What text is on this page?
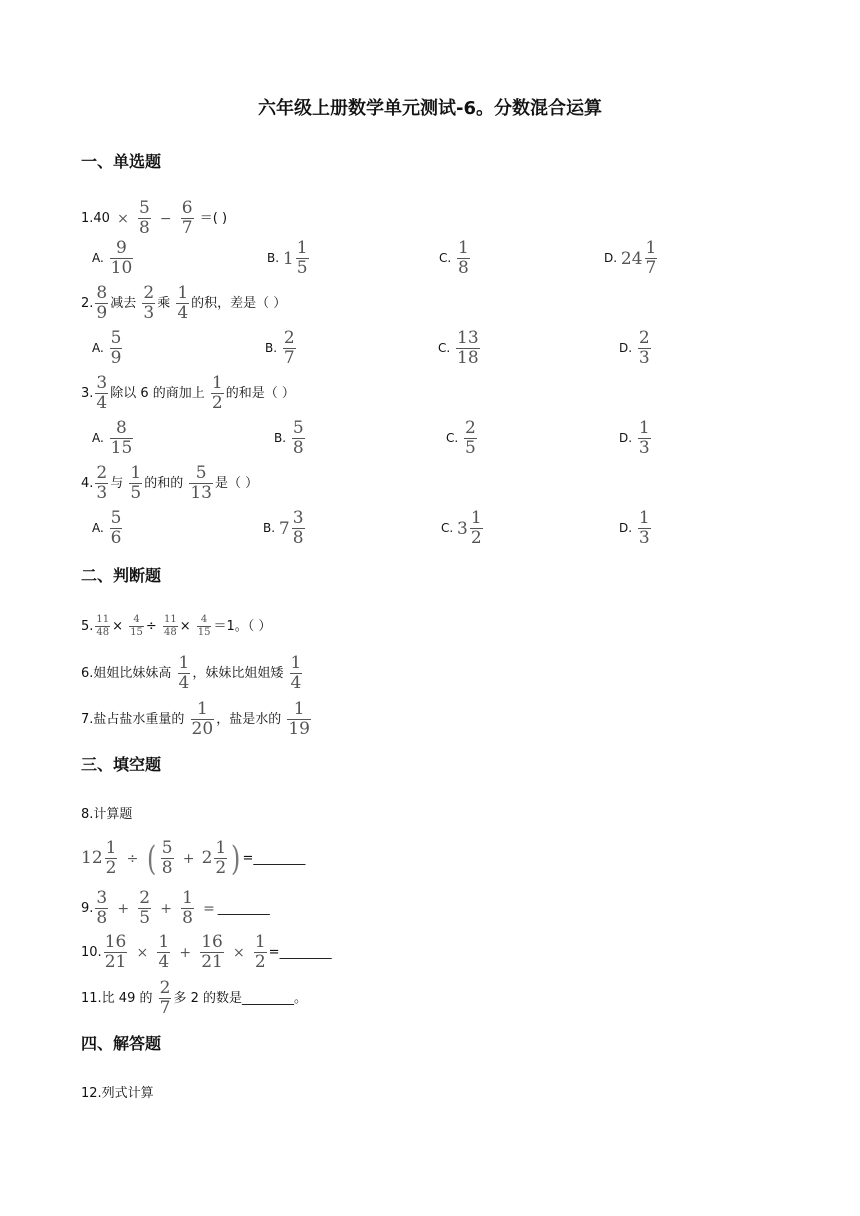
六年级上册数学单元测试-6。分数混合运算
一、单选题
$1.40 \times \frac{5}{8} - \frac{6}{7}$ ＝( )
A. $\frac{9}{10}$	B. $1 \frac{1}{5}$	C. $\frac{1}{8}$	D. $24 \frac{1}{7}$
2. $\frac{8}{9}$ 减去 $\frac{2}{3}$ 乘 $\frac{1}{4}$ 的积，差是（ ）
A. $\frac{5}{9}$	B. $\frac{2}{7}$	C. $\frac{13}{18}$	D. $\frac{2}{3}$
3. $\frac{3}{4}$ 除以 6 的商加上 $\frac{1}{2}$ 的和是（ ）
A. $\frac{8}{15}$	B. $\frac{5}{8}$	C. $\frac{2}{5}$	D. $\frac{1}{3}$
4. $\frac{2}{3}$ 与 $\frac{1}{5}$ 的和的 $\frac{5}{13}$ 是（ ）
A. $\frac{5}{6}$	B. $7 \frac{3}{8}$	C. $3 \frac{1}{2}$	D. $\frac{1}{3}$
二、判断题
5. $\frac{11}{48} \times \frac{4}{15} \div \frac{11}{48} \times \frac{4}{15} =1$。（ ）
6.姐姐比妹妹高 $\frac{1}{4}$ ，妹妹比姐姐矮 $\frac{1}{4}$
7.盐占盐水重量的 $\frac{1}{20}$ ，盐是水的 $\frac{1}{19}$
三、填空题
8.计算题
$12 \frac{1}{2}$ ÷ ( $\frac{5}{8} + 2 \frac{1}{2}$ ) =________
9. $\frac{3}{8} + \frac{2}{5} + \frac{1}{8}$ =________
10. $\frac{16}{21} \times \frac{1}{4} + \frac{16}{21} \times \frac{1}{2}$ =________
11.比 49 的 $\frac{2}{7}$ 多 2 的数是________。
四、解答题
12.列式计算
